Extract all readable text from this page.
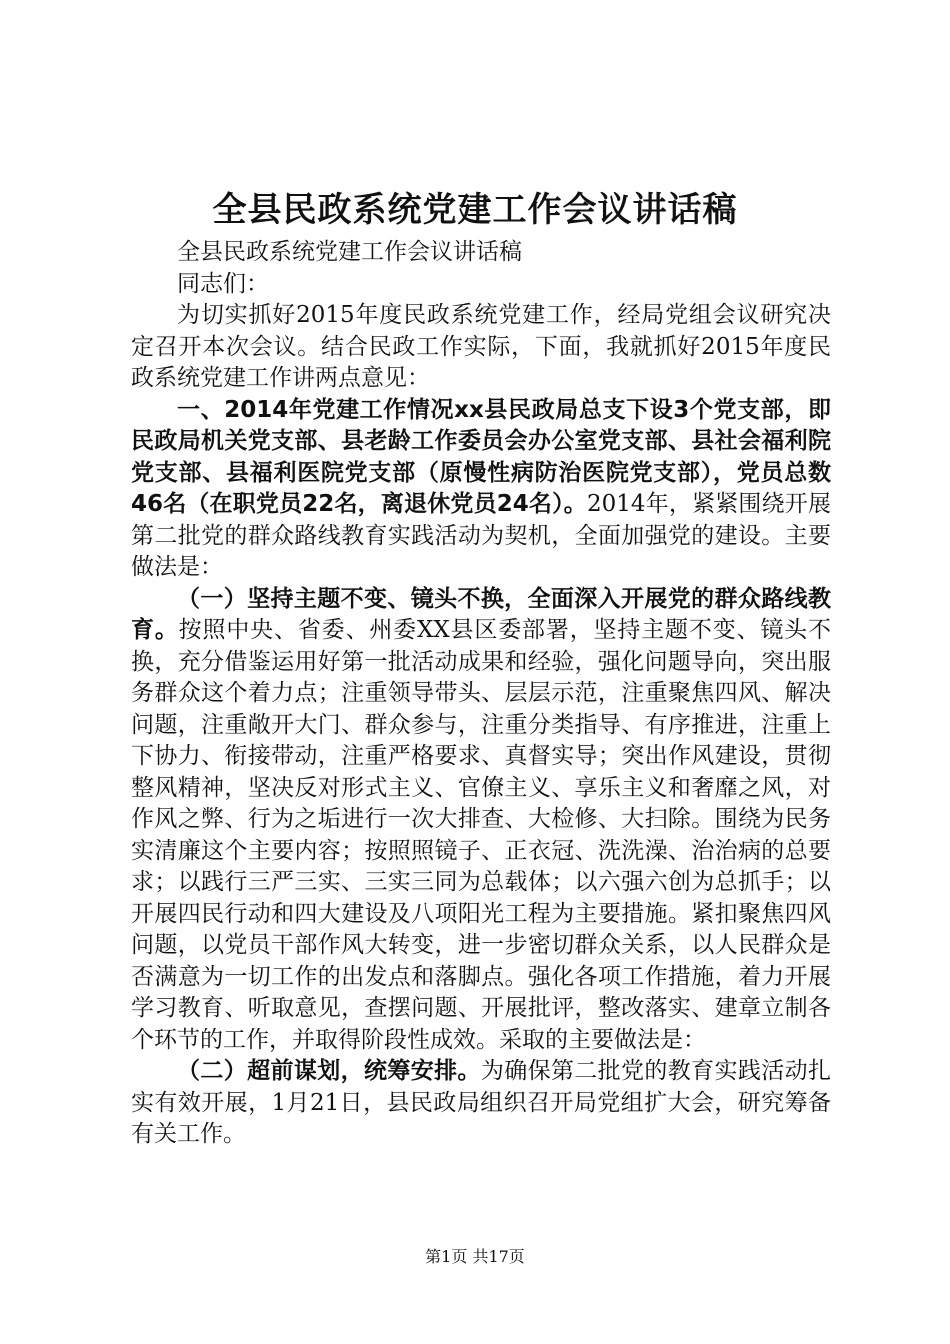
全县民政系统党建工作会议讲话稿

全县民政系统党建工作会议讲话稿

同志们：

为切实抓好2015年度民政系统党建工作，经局党组会议研究决定召开本次会议。结合民政工作实际，下面，我就抓好2015年度民政系统党建工作讲两点意见：

一、2014年党建工作情况xx县民政局总支下设3个党支部，即民政局机关党支部、县老龄工作委员会办公室党支部、县社会福利院党支部、县福利医院党支部（原慢性病防治医院党支部），党员总数46名（在职党员22名，离退休党员24名）。2014年，紧紧围绕开展第二批党的群众路线教育实践活动为契机，全面加强党的建设。主要做法是：

（一）坚持主题不变、镜头不换，全面深入开展党的群众路线教育。按照中央、省委、州委XX县区委部署，坚持主题不变、镜头不换，充分借鉴运用好第一批活动成果和经验，强化问题导向，突出服务群众这个着力点；注重领导带头、层层示范，注重聚焦四风、解决问题，注重敞开大门、群众参与，注重分类指导、有序推进，注重上下协力、衔接带动，注重严格要求、真督实导；突出作风建设，贯彻整风精神，坚决反对形式主义、官僚主义、享乐主义和奢靡之风，对作风之弊、行为之垢进行一次大排查、大检修、大扫除。围绕为民务实清廉这个主要内容；按照照镜子、正衣冠、洗洗澡、治治病的总要求；以践行三严三实、三实三同为总载体；以六强六创为总抓手；以开展四民行动和四大建设及八项阳光工程为主要措施。紧扣聚焦四风问题，以党员干部作风大转变，进一步密切群众关系，以人民群众是否满意为一切工作的出发点和落脚点。强化各项工作措施，着力开展学习教育、听取意见，查摆问题、开展批评，整改落实、建章立制各个环节的工作，并取得阶段性成效。采取的主要做法是：

（二）超前谋划，统筹安排。为确保第二批党的教育实践活动扎实有效开展，1月21日，县民政局组织召开局党组扩大会，研究筹备有关工作。

第1页 共17页
